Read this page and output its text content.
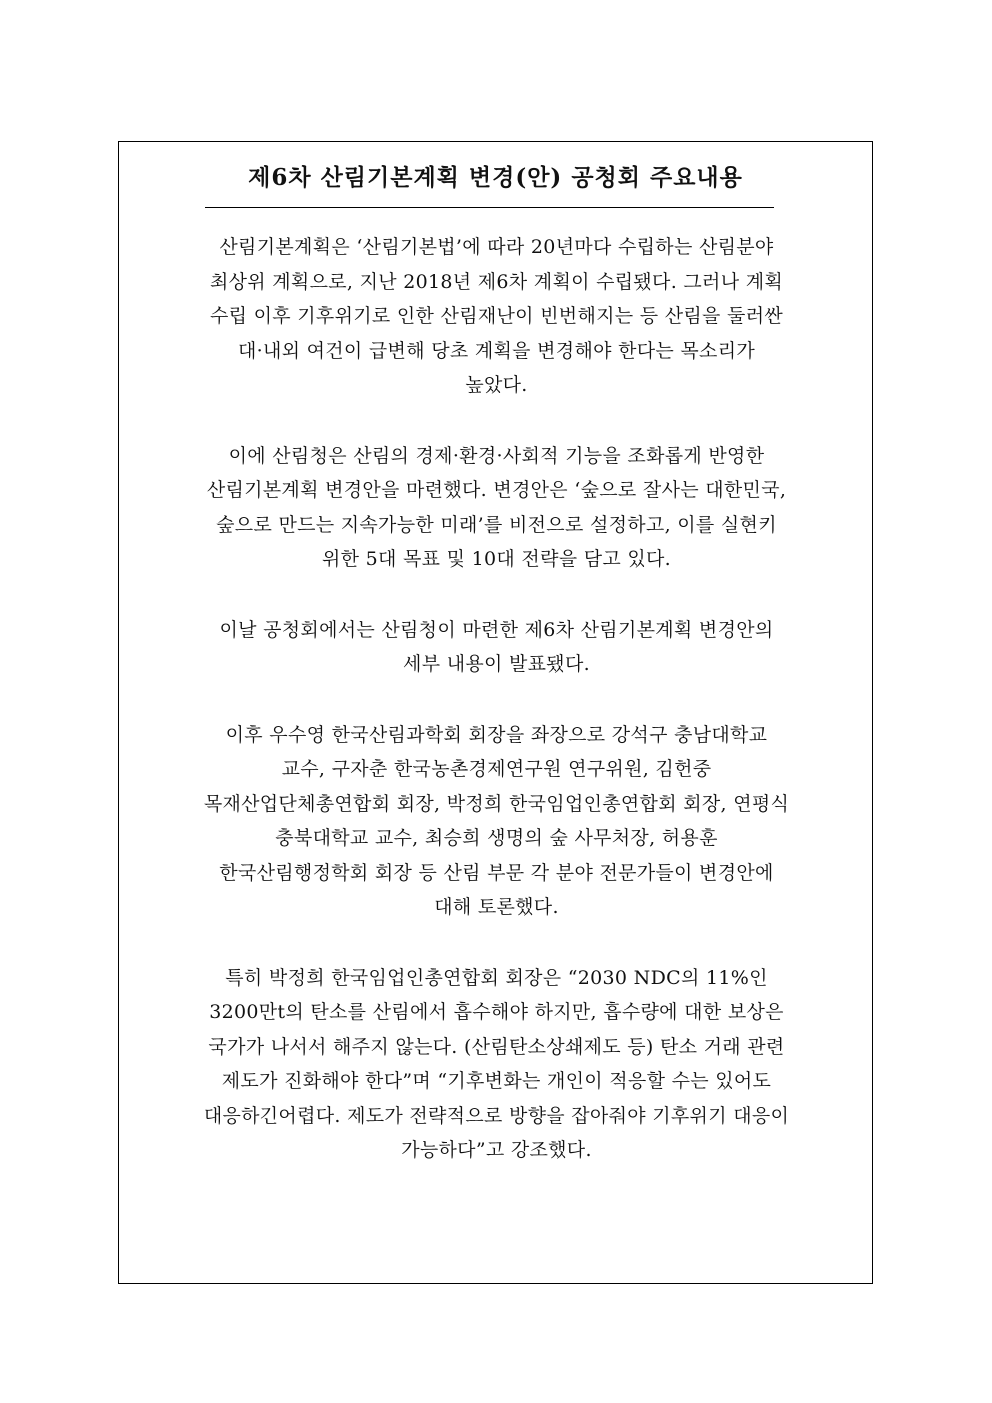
제6차 산림기본계획 변경(안) 공청회 주요내용
산림기본계획은 ‘산림기본법’에 따라 20년마다 수립하는 산림분야
최상위 계획으로, 지난 2018년 제6차 계획이 수립됐다. 그러나 계획
수립 이후 기후위기로 인한 산림재난이 빈번해지는 등 산림을 둘러싼
대·내외 여건이 급변해 당초 계획을 변경해야 한다는 목소리가
높았다.
이에 산림청은 산림의 경제·환경·사회적 기능을 조화롭게 반영한
산림기본계획 변경안을 마련했다. 변경안은 ‘숲으로 잘사는 대한민국,
숲으로 만드는 지속가능한 미래’를 비전으로 설정하고, 이를 실현키
위한 5대 목표 및 10대 전략을 담고 있다.
이날 공청회에서는 산림청이 마련한 제6차 산림기본계획 변경안의
세부 내용이 발표됐다.
이후 우수영 한국산림과학회 회장을 좌장으로 강석구 충남대학교
교수, 구자춘 한국농촌경제연구원 연구위원, 김헌중
목재산업단체총연합회 회장, 박정희 한국임업인총연합회 회장, 연평식
충북대학교 교수, 최승희 생명의 숲 사무처장, 허용훈
한국산림행정학회 회장 등 산림 부문 각 분야 전문가들이 변경안에
대해 토론했다.
특히 박정희 한국임업인총연합회 회장은 “2030 NDC의 11%인
3200만t의 탄소를 산림에서 흡수해야 하지만, 흡수량에 대한 보상은
국가가 나서서 해주지 않는다. (산림탄소상쇄제도 등) 탄소 거래 관련
제도가 진화해야 한다”며 “기후변화는 개인이 적응할 수는 있어도
대응하긴어렵다. 제도가 전략적으로 방향을 잡아줘야 기후위기 대응이
가능하다”고 강조했다.
